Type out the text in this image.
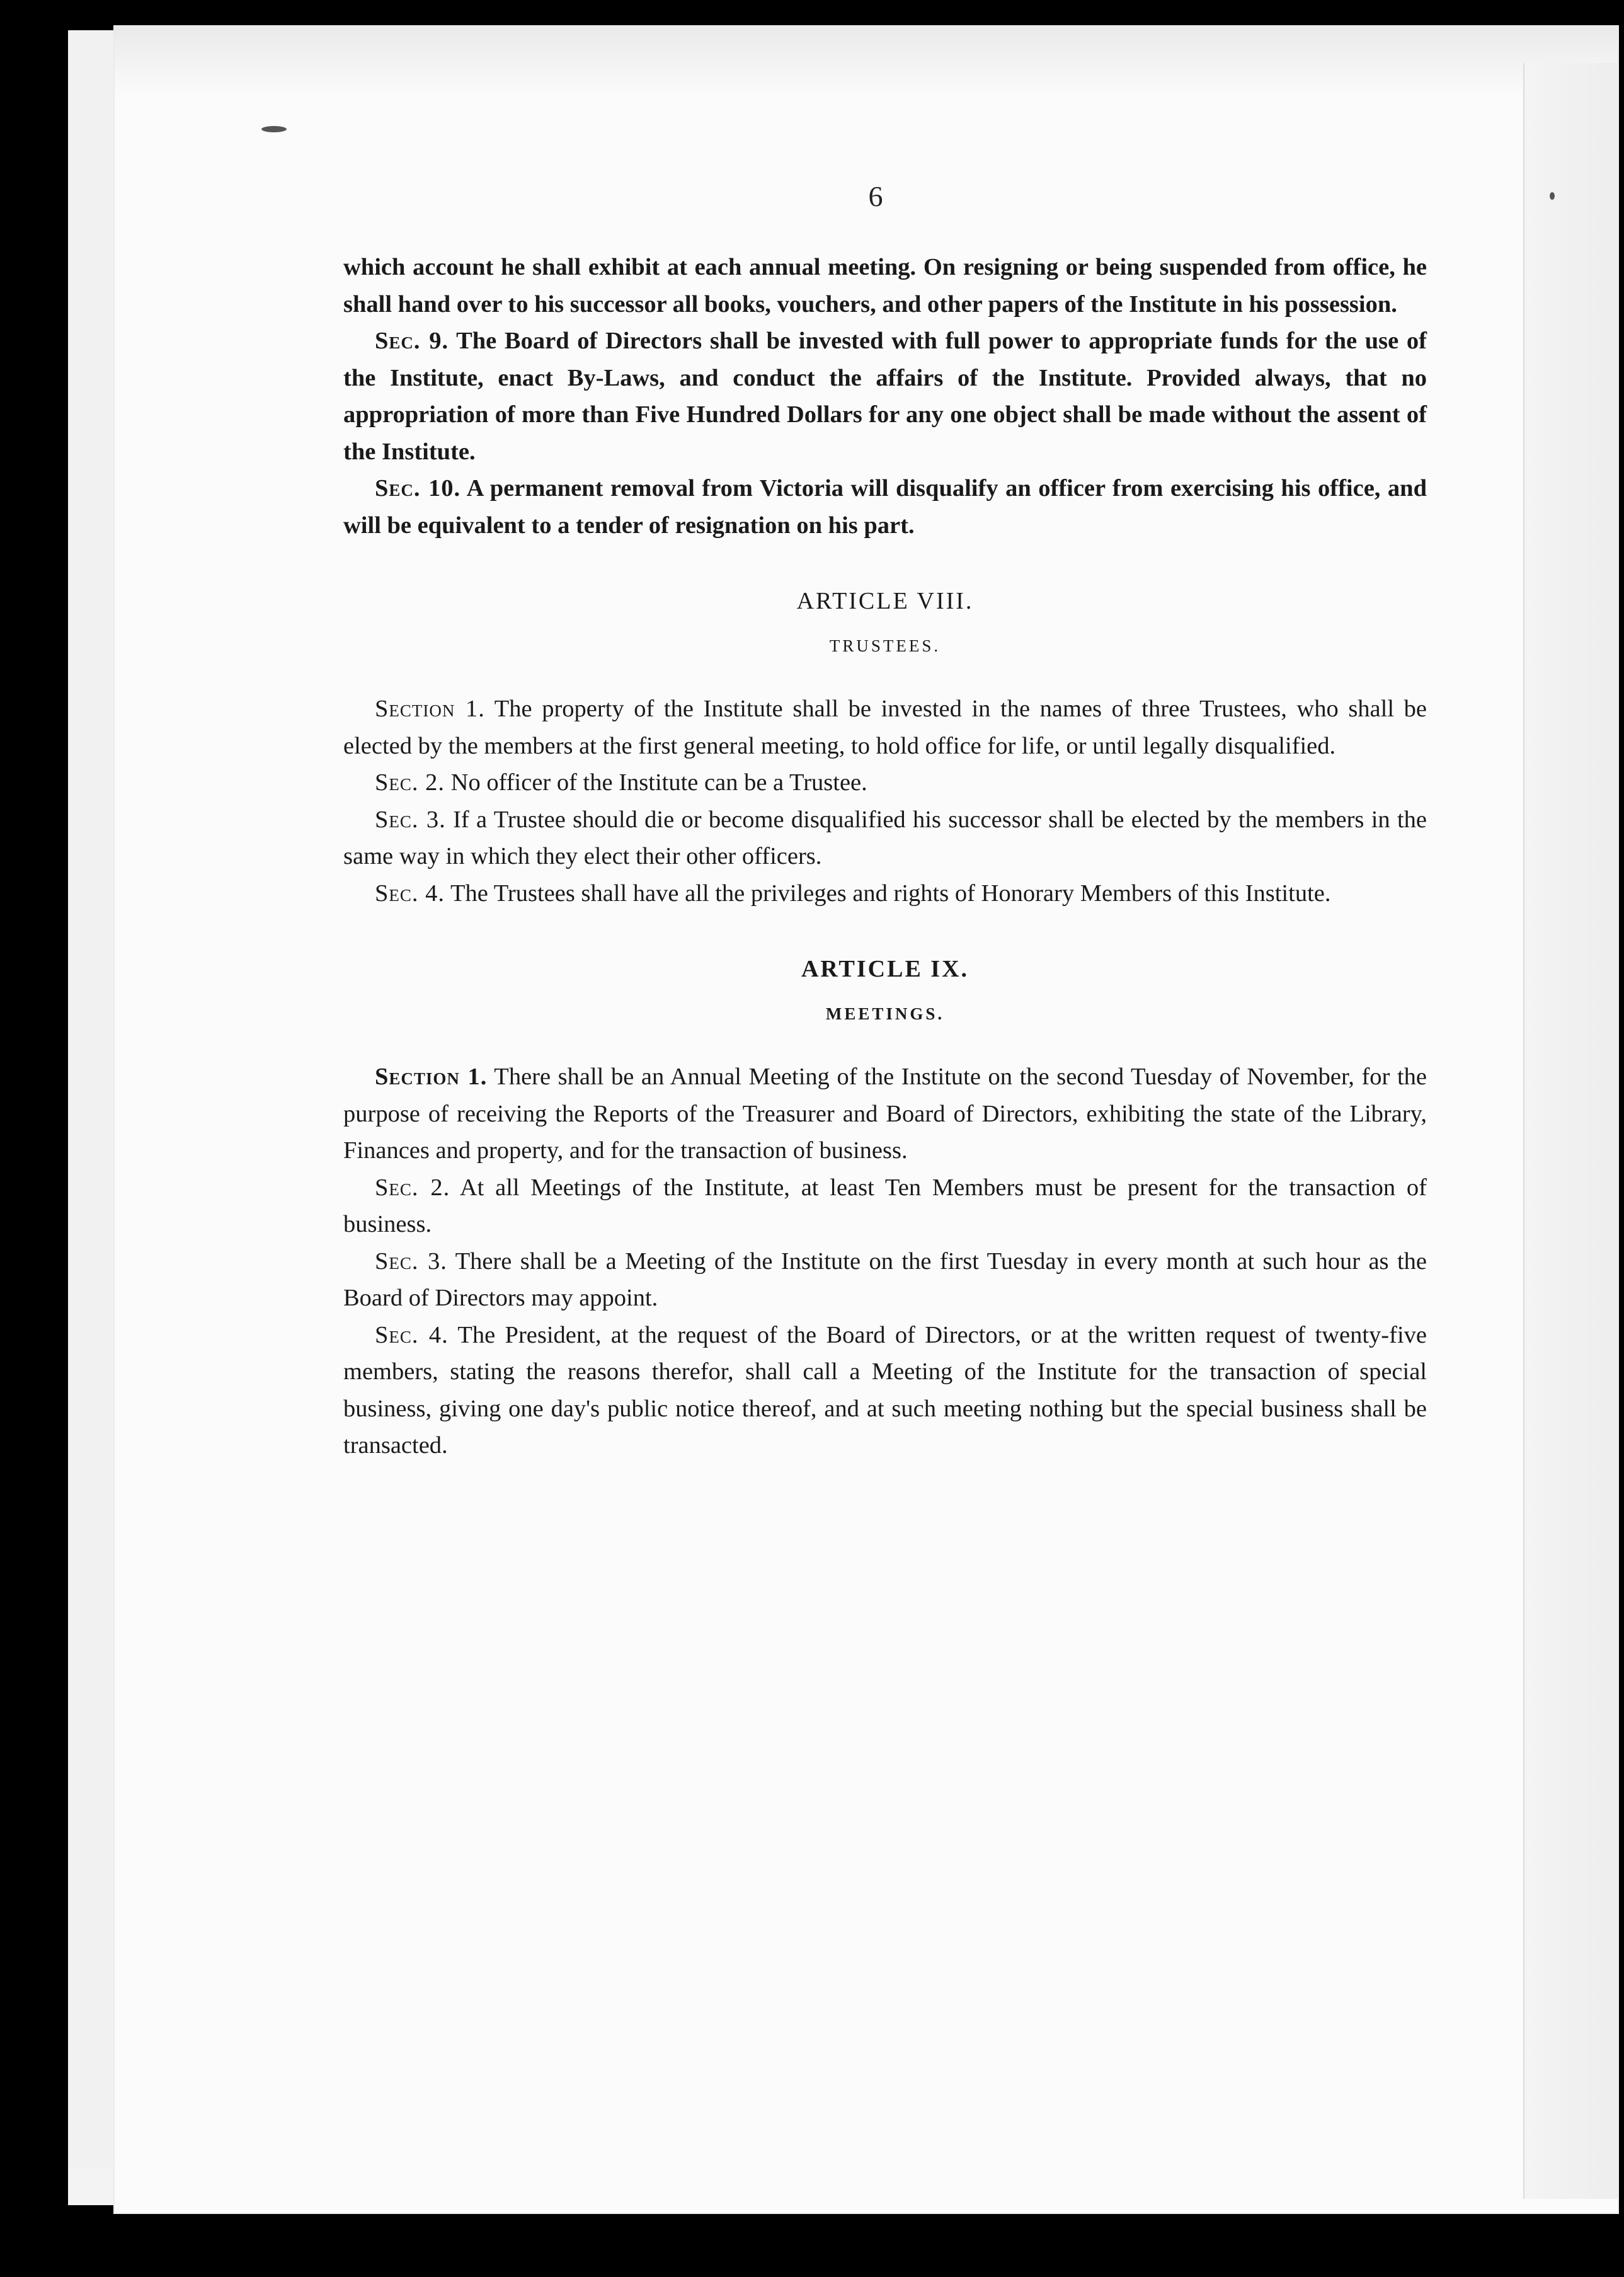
6

which account he shall exhibit at each annual meeting. On resigning or being suspended from office, he shall hand over to his successor all books, vouchers, and other papers of the Institute in his possession.

Sec. 9. The Board of Directors shall be invested with full power to appropriate funds for the use of the Institute, enact By-Laws, and conduct the affairs of the Institute. Provided always, that no appropriation of more than Five Hundred Dollars for any one object shall be made without the assent of the Institute.

Sec. 10. A permanent removal from Victoria will disqualify an officer from exercising his office, and will be equivalent to a tender of resignation on his part.

ARTICLE VIII.

TRUSTEES.

Section 1. The property of the Institute shall be invested in the names of three Trustees, who shall be elected by the members at the first general meeting, to hold office for life, or until legally disqualified.

Sec. 2. No officer of the Institute can be a Trustee.

Sec. 3. If a Trustee should die or become disqualified his successor shall be elected by the members in the same way in which they elect their other officers.

Sec. 4. The Trustees shall have all the privileges and rights of Honorary Members of this Institute.

ARTICLE IX.

MEETINGS.

Section 1. There shall be an Annual Meeting of the Institute on the second Tuesday of November, for the purpose of receiving the Reports of the Treasurer and Board of Directors, exhibiting the state of the Library, Finances and property, and for the transaction of business.

Sec. 2. At all Meetings of the Institute, at least Ten Members must be present for the transaction of business.

Sec. 3. There shall be a Meeting of the Institute on the first Tuesday in every month at such hour as the Board of Directors may appoint.

Sec. 4. The President, at the request of the Board of Directors, or at the written request of twenty-five members, stating the reasons therefor, shall call a Meeting of the Institute for the transaction of special business, giving one day's public notice thereof, and at such meeting nothing but the special business shall be transacted.
